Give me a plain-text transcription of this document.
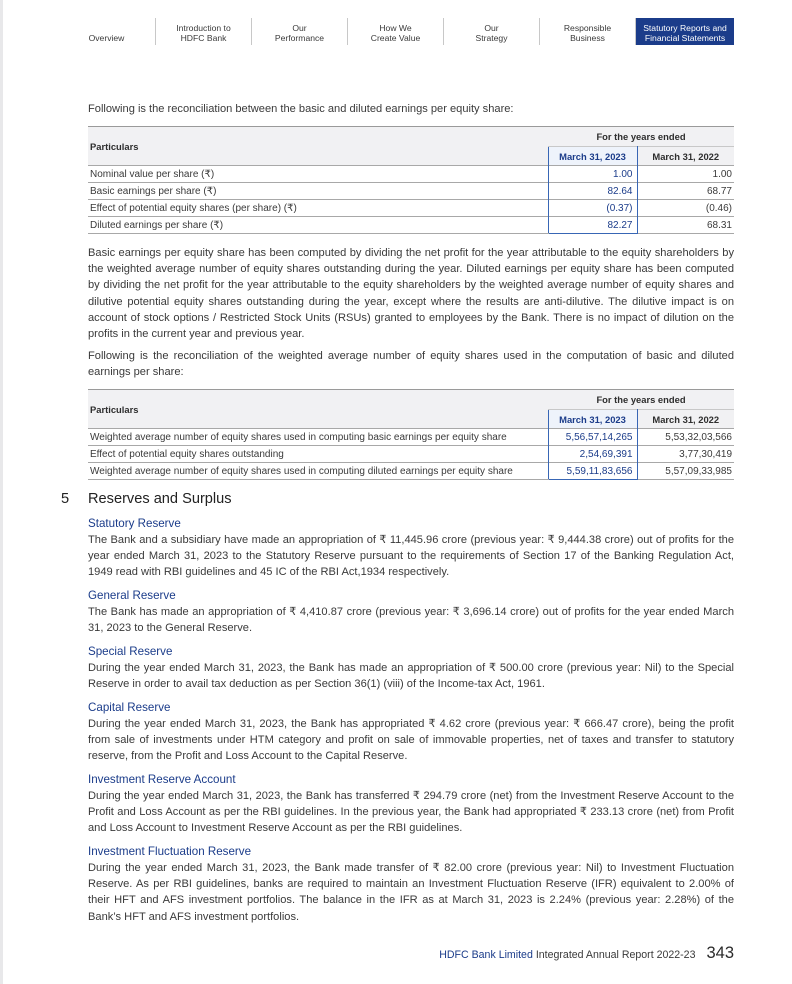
Overview
Introduction to
HDFC Bank
Our
Performance
How We
Create Value
Our
Strategy
Responsible
Business
Statutory Reports and
Financial Statements
Following is the reconciliation between the basic and diluted earnings per equity share:
Particulars	For the years ended	
	March 31, 2023	March 31, 2022
Nominal value per share (₹)	1.00	1.00
Basic earnings per share (₹)	82.64	68.77
Effect of potential equity shares (per share) (₹)	(0.37)	(0.46)
Diluted earnings per share (₹)	82.27	68.31
Basic earnings per equity share has been computed by dividing the net profit for the year attributable to the equity shareholders by the weighted average number of equity shares outstanding during the year. Diluted earnings per equity share has been computed by dividing the net profit for the year attributable to the equity shareholders by the weighted average number of equity shares and dilutive potential equity shares outstanding during the year, except where the results are anti-dilutive. The dilutive impact is on account of stock options / Restricted Stock Units (RSUs) granted to employees by the Bank. There is no impact of dilution on the profits in the current year and previous year.
Following is the reconciliation of the weighted average number of equity shares used in the computation of basic and diluted earnings per share:
Particulars	For the years ended	
	March 31, 2023	March 31, 2022
Weighted average number of equity shares used in computing basic earnings per equity share	5,56,57,14,265	5,53,32,03,566
Effect of potential equity shares outstanding	2,54,69,391	3,77,30,419
Weighted average number of equity shares used in computing diluted earnings per equity share	5,59,11,83,656	5,57,09,33,985
5 Reserves and Surplus
Statutory Reserve
The Bank and a subsidiary have made an appropriation of ₹ 11,445.96 crore (previous year: ₹ 9,444.38 crore) out of profits for the year ended March 31, 2023 to the Statutory Reserve pursuant to the requirements of Section 17 of the Banking Regulation Act, 1949 read with RBI guidelines and 45 IC of the RBI Act,1934 respectively.
General Reserve
The Bank has made an appropriation of ₹ 4,410.87 crore (previous year: ₹ 3,696.14 crore) out of profits for the year ended March 31, 2023 to the General Reserve.
Special Reserve
During the year ended March 31, 2023, the Bank has made an appropriation of ₹ 500.00 crore (previous year: Nil) to the Special Reserve in order to avail tax deduction as per Section 36(1) (viii) of the Income-tax Act, 1961.
Capital Reserve
During the year ended March 31, 2023, the Bank has appropriated ₹ 4.62 crore (previous year: ₹ 666.47 crore), being the profit from sale of investments under HTM category and profit on sale of immovable properties, net of taxes and transfer to statutory reserve, from the Profit and Loss Account to the Capital Reserve.
Investment Reserve Account
During the year ended March 31, 2023, the Bank has transferred ₹ 294.79 crore (net) from the Investment Reserve Account to the Profit and Loss Account as per the RBI guidelines. In the previous year, the Bank had appropriated ₹ 233.13 crore (net) from Profit and Loss Account to Investment Reserve Account as per the RBI guidelines.
Investment Fluctuation Reserve
During the year ended March 31, 2023, the Bank made transfer of ₹ 82.00 crore (previous year: Nil) to Investment Fluctuation Reserve. As per RBI guidelines, banks are required to maintain an Investment Fluctuation Reserve (IFR) equivalent to 2.00% of their HFT and AFS investment portfolios. The balance in the IFR as at March 31, 2023 is 2.24% (previous year: 2.28%) of the Bank’s HFT and AFS investment portfolios.
HDFC Bank Limited Integrated Annual Report 2022-23 343
